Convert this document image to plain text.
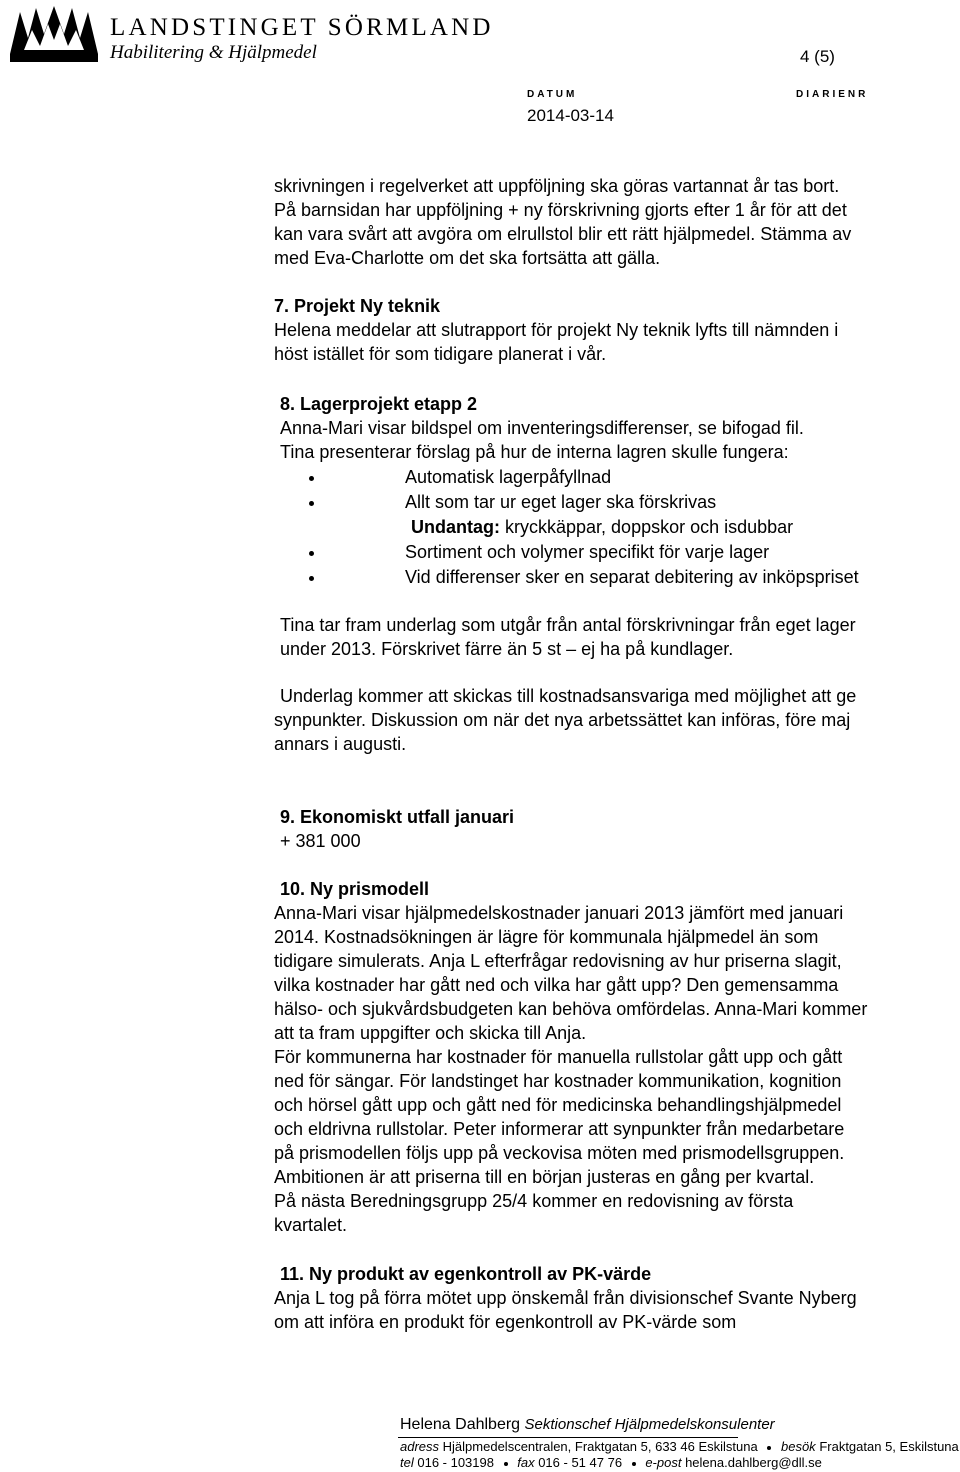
LANDSTINGET SÖRMLAND
Habilitering & Hjälpmedel	4 (5)
DATUM	DIARIENR
2014-03-14
skrivningen i regelverket att uppföljning ska göras vartannat år tas bort.
På barnsidan har uppföljning + ny förskrivning gjorts efter 1 år för att det
kan vara svårt att avgöra om elrullstol blir ett rätt hjälpmedel. Stämma av
med Eva-Charlotte om det ska fortsätta att gälla.
7. Projekt Ny teknik
Helena meddelar att slutrapport för projekt Ny teknik lyfts till nämnden i
höst istället för som tidigare planerat i vår.
8. Lagerprojekt etapp 2
Anna-Mari visar bildspel om inventeringsdifferenser, se bifogad fil.
Tina presenterar förslag på hur de interna lagren skulle fungera:
Automatisk lagerpåfyllnad
Allt som tar ur eget lager ska förskrivas
Undantag: kryckkäppar, doppskor och isdubbar
Sortiment och volymer specifikt för varje lager
Vid differenser sker en separat debitering av inköpspriset
Tina tar fram underlag som utgår från antal förskrivningar från eget lager
under 2013. Förskrivet färre än 5 st – ej ha på kundlager.
Underlag kommer att skickas till kostnadsansvariga med möjlighet att ge
synpunkter. Diskussion om när det nya arbetssättet kan införas, före maj
annars i augusti.
9. Ekonomiskt utfall januari
+ 381 000
10. Ny prismodell
Anna-Mari visar hjälpmedelskostnader januari 2013 jämfört med januari
2014. Kostnadsökningen är lägre för kommunala hjälpmedel än som
tidigare simulerats. Anja L efterfrågar redovisning av hur priserna slagit,
vilka kostnader har gått ned och vilka har gått upp? Den gemensamma
hälso- och sjukvårdsbudgeten kan behöva omfördelas. Anna-Mari kommer
att ta fram uppgifter och skicka till Anja.
För kommunerna har kostnader för manuella rullstolar gått upp och gått
ned för sängar. För landstinget har kostnader kommunikation, kognition
och hörsel gått upp och gått ned för medicinska behandlingshjälpmedel
och eldrivna rullstolar. Peter informerar att synpunkter från medarbetare
på prismodellen följs upp på veckovisa möten med prismodellsgruppen.
Ambitionen är att priserna till en början justeras en gång per kvartal.
På nästa Beredningsgrupp 25/4 kommer en redovisning av första
kvartalet.
11. Ny produkt av egenkontroll av PK-värde
Anja L tog på förra mötet upp önskemål från divisionschef Svante Nyberg
om att införa en produkt för egenkontroll av PK-värde som
Helena Dahlberg Sektionschef Hjälpmedelskonsulenter
adress Hjälpmedelscentralen, Fraktgatan 5, 633 46 Eskilstuna besök Fraktgatan 5, Eskilstuna
tel 016 - 103198 fax 016 - 51 47 76 e-post helena.dahlberg@dll.se
